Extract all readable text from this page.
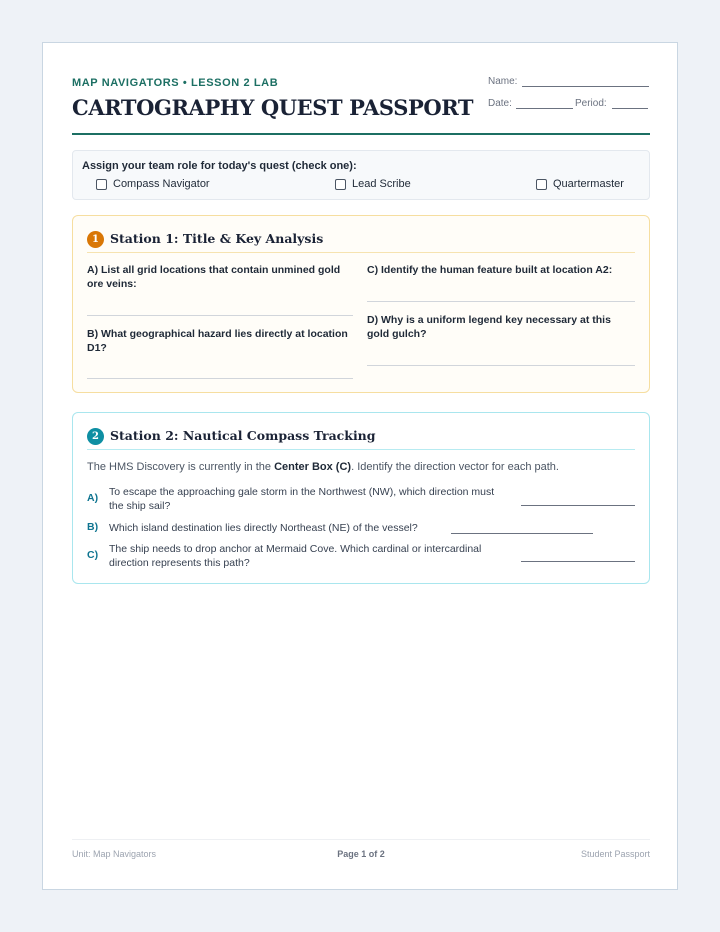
MAP NAVIGATORS • LESSON 2 LAB
CARTOGRAPHY QUEST PASSPORT
Name:
Date:	Period:
Assign your team role for today's quest (check one):
Compass Navigator	Lead Scribe	Quartermaster
1 Station 1: Title & Key Analysis
A) List all grid locations that contain unmined gold ore veins:
B) What geographical hazard lies directly at location D1?
C) Identify the human feature built at location A2:
D) Why is a uniform legend key necessary at this gold gulch?
2 Station 2: Nautical Compass Tracking
The HMS Discovery is currently in the Center Box (C). Identify the direction vector for each path.
A) To escape the approaching gale storm in the Northwest (NW), which direction must the ship sail?
B) Which island destination lies directly Northeast (NE) of the vessel?
C) The ship needs to drop anchor at Mermaid Cove. Which cardinal or intercardinal direction represents this path?
Unit: Map Navigators	Page 1 of 2	Student Passport
